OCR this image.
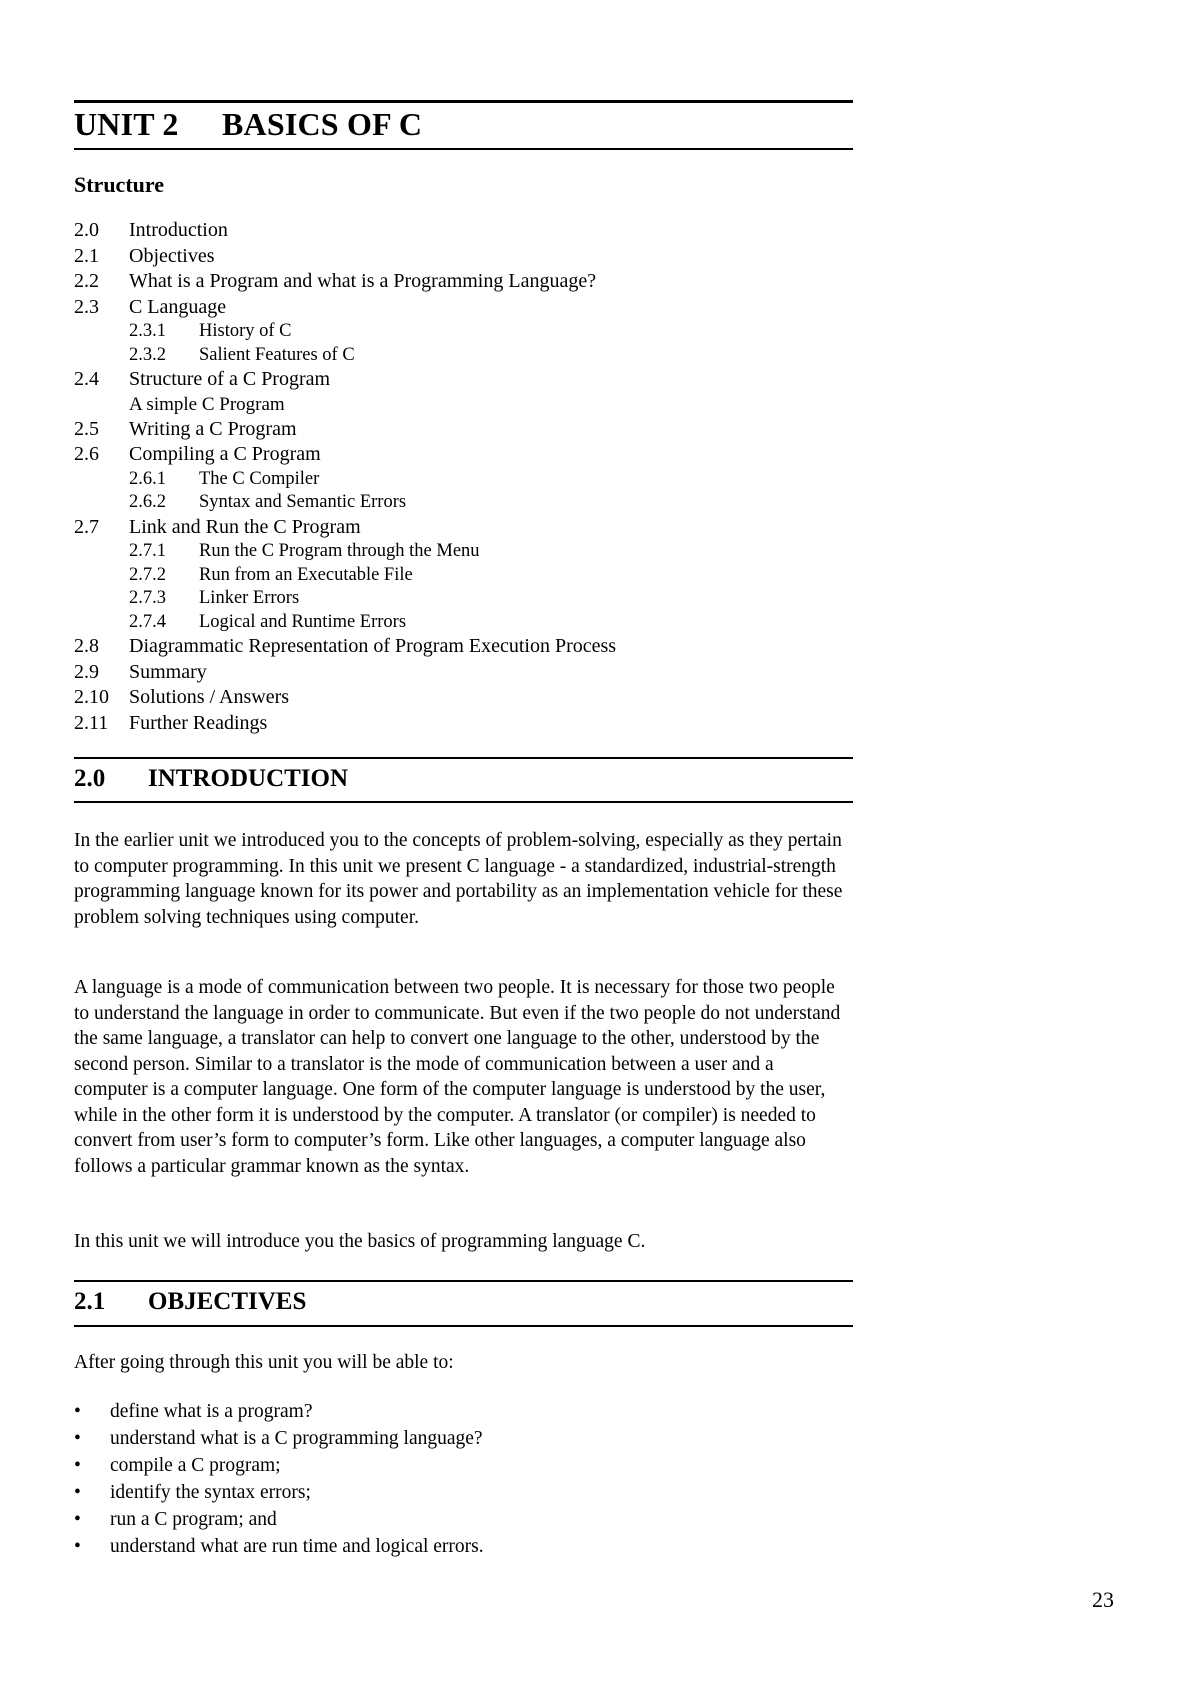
UNIT 2 BASICS OF C
Structure
2.0 Introduction
2.1 Objectives
2.2 What is a Program and what is a Programming Language?
2.3 C Language
2.3.1 History of C
2.3.2 Salient Features of C
2.4 Structure of a C Program
A simple C Program
2.5 Writing a C Program
2.6 Compiling a C Program
2.6.1 The C Compiler
2.6.2 Syntax and Semantic Errors
2.7 Link and Run the C Program
2.7.1 Run the C Program through the Menu
2.7.2 Run from an Executable File
2.7.3 Linker Errors
2.7.4 Logical and Runtime Errors
2.8 Diagrammatic Representation of Program Execution Process
2.9 Summary
2.10 Solutions / Answers
2.11 Further Readings
2.0 INTRODUCTION
In the earlier unit we introduced you to the concepts of problem-solving, especially as they pertain to computer programming. In this unit we present C language - a standardized, industrial-strength programming language known for its power and portability as an implementation vehicle for these problem solving techniques using computer.
A language is a mode of communication between two people. It is necessary for those two people to understand the language in order to communicate. But even if the two people do not understand the same language, a translator can help to convert one language to the other, understood by the second person. Similar to a translator is the mode of communication between a user and a computer is a computer language. One form of the computer language is understood by the user, while in the other form it is understood by the computer. A translator (or compiler) is needed to convert from user’s form to computer’s form. Like other languages, a computer language also follows a particular grammar known as the syntax.
In this unit we will introduce you the basics of programming language C.
2.1 OBJECTIVES
After going through this unit you will be able to:
•	define what is a program?
•	understand what is a C programming language?
•	compile a C program;
•	identify the syntax errors;
•	run a C program; and
•	understand what are run time and logical errors.
23
